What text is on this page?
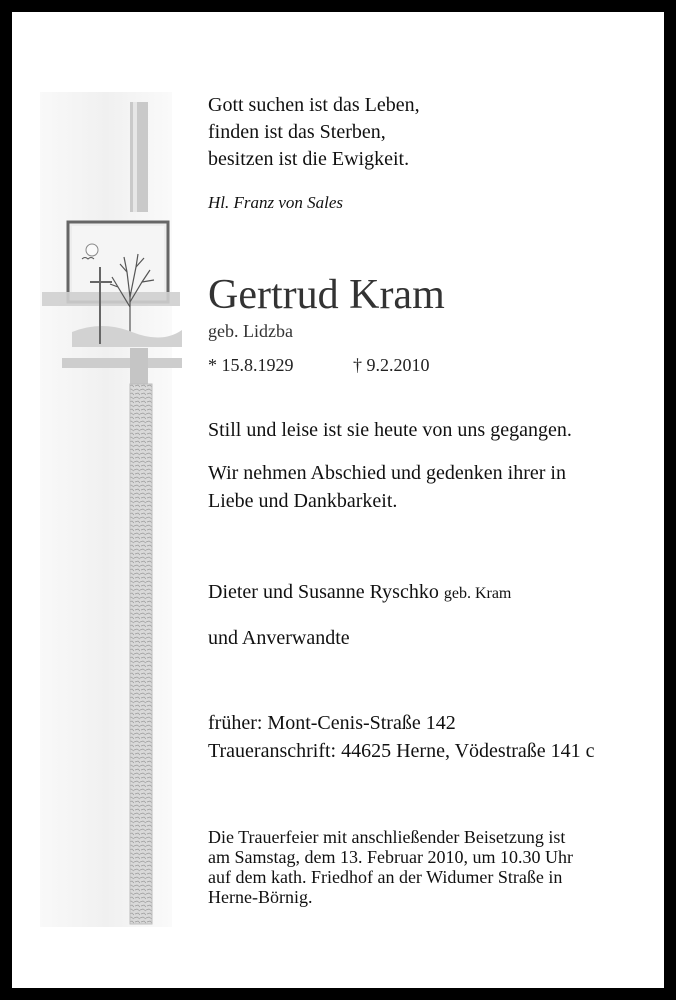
Gott suchen ist das Leben,
finden ist das Sterben,
besitzen ist die Ewigkeit.
Hl. Franz von Sales
Gertrud Kram
geb. Lidzba
* 15.8.1929	† 9.2.2010
Still und leise ist sie heute von uns gegangen.
Wir nehmen Abschied und gedenken ihrer in
Liebe und Dankbarkeit.
Dieter und Susanne Ryschko geb. Kram
und Anverwandte
früher: Mont-Cenis-Straße 142
Traueranschrift: 44625 Herne, Vödestraße 141 c
Die Trauerfeier mit anschließender Beisetzung ist
am Samstag, dem 13. Februar 2010, um 10.30 Uhr
auf dem kath. Friedhof an der Widumer Straße in
Herne-Börnig.
